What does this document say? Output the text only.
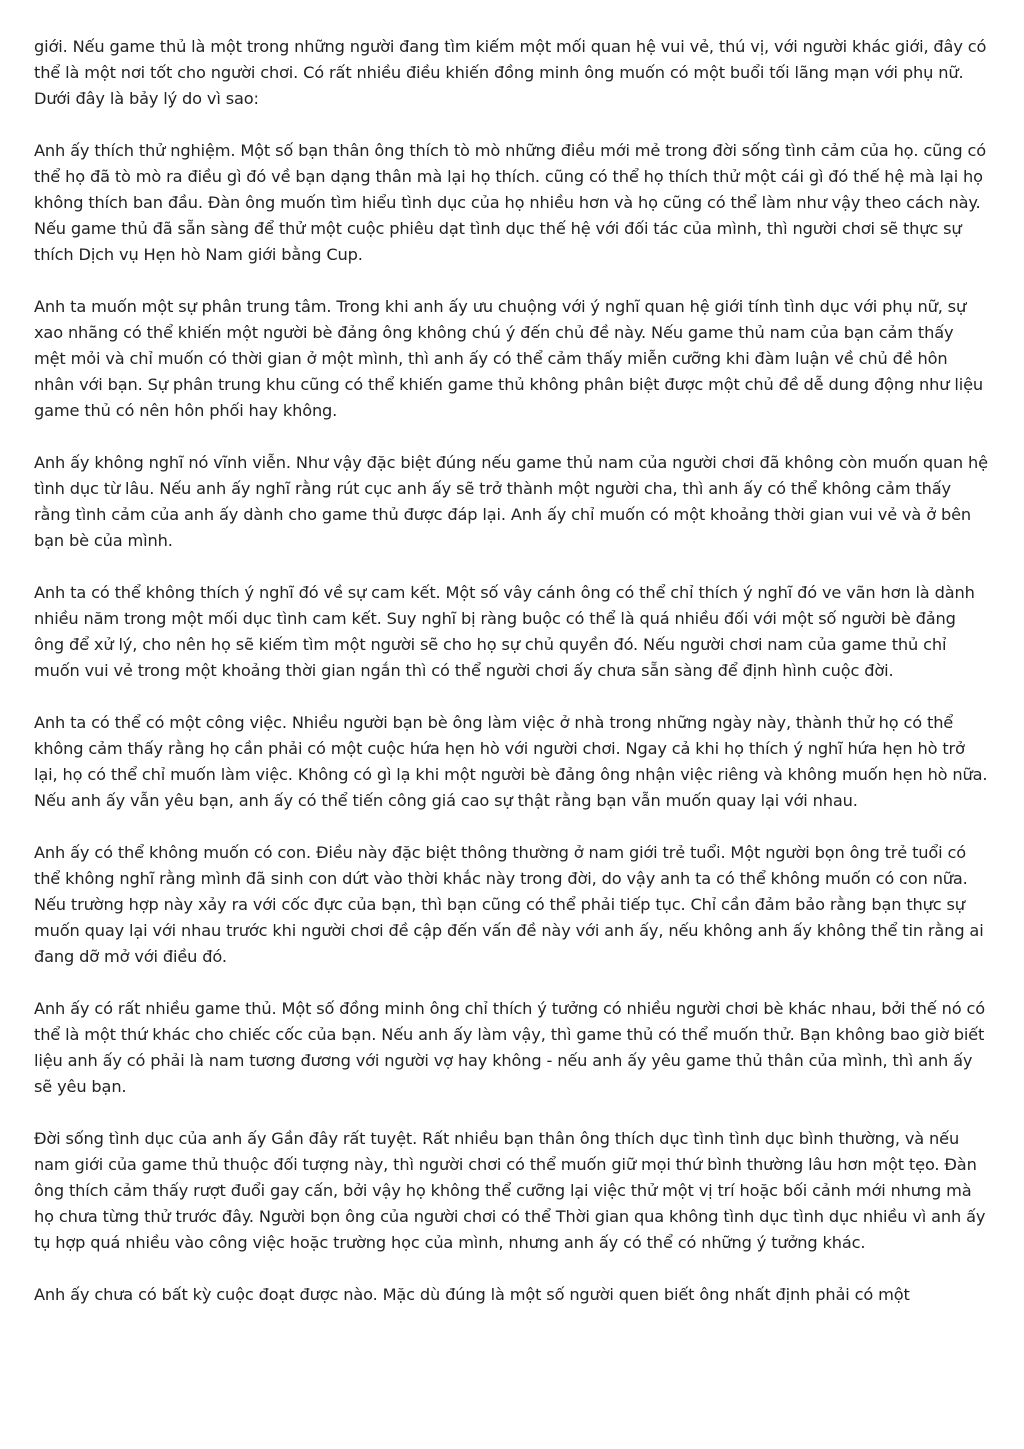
giới. Nếu game thủ là một trong những người đang tìm kiếm một mối quan hệ vui vẻ, thú vị, với người khác giới, đây có thể là một nơi tốt cho người chơi. Có rất nhiều điều khiến đồng minh ông muốn có một buổi tối lãng mạn với phụ nữ. Dưới đây là bảy lý do vì sao:

Anh ấy thích thử nghiệm. Một số bạn thân ông thích tò mò những điều mới mẻ trong đời sống tình cảm của họ. cũng có thể họ đã tò mò ra điều gì đó về bạn dạng thân mà lại họ thích. cũng có thể họ thích thử một cái gì đó thế hệ mà lại họ không thích ban đầu. Đàn ông muốn tìm hiểu tình dục của họ nhiều hơn và họ cũng có thể làm như vậy theo cách này. Nếu game thủ đã sẵn sàng để thử một cuộc phiêu dạt tình dục thế hệ với đối tác của mình, thì người chơi sẽ thực sự thích Dịch vụ Hẹn hò Nam giới bằng Cup.

Anh ta muốn một sự phân trung tâm. Trong khi anh ấy ưu chuộng với ý nghĩ quan hệ giới tính tình dục với phụ nữ, sự xao nhãng có thể khiến một người bè đảng ông không chú ý đến chủ đề này. Nếu game thủ nam của bạn cảm thấy mệt mỏi và chỉ muốn có thời gian ở một mình, thì anh ấy có thể cảm thấy miễn cưỡng khi đàm luận về chủ đề hôn nhân với bạn. Sự phân trung khu cũng có thể khiến game thủ không phân biệt được một chủ đề dễ dung động như liệu game thủ có nên hôn phối hay không.

Anh ấy không nghĩ nó vĩnh viễn. Như vậy đặc biệt đúng nếu game thủ nam của người chơi đã không còn muốn quan hệ tình dục từ lâu. Nếu anh ấy nghĩ rằng rút cục anh ấy sẽ trở thành một người cha, thì anh ấy có thể không cảm thấy rằng tình cảm của anh ấy dành cho game thủ được đáp lại. Anh ấy chỉ muốn có một khoảng thời gian vui vẻ và ở bên bạn bè của mình.

Anh ta có thể không thích ý nghĩ đó về sự cam kết. Một số vây cánh ông có thể chỉ thích ý nghĩ đó ve vãn hơn là dành nhiều năm trong một mối dục tình cam kết. Suy nghĩ bị ràng buộc có thể là quá nhiều đối với một số người bè đảng ông để xử lý, cho nên họ sẽ kiếm tìm một người sẽ cho họ sự chủ quyền đó. Nếu người chơi nam của game thủ chỉ muốn vui vẻ trong một khoảng thời gian ngắn thì có thể người chơi ấy chưa sẵn sàng để định hình cuộc đời.

Anh ta có thể có một công việc. Nhiều người bạn bè ông làm việc ở nhà trong những ngày này, thành thử họ có thể không cảm thấy rằng họ cần phải có một cuộc hứa hẹn hò với người chơi. Ngay cả khi họ thích ý nghĩ hứa hẹn hò trở lại, họ có thể chỉ muốn làm việc. Không có gì lạ khi một người bè đảng ông nhận việc riêng và không muốn hẹn hò nữa. Nếu anh ấy vẫn yêu bạn, anh ấy có thể tiến công giá cao sự thật rằng bạn vẫn muốn quay lại với nhau.

Anh ấy có thể không muốn có con. Điều này đặc biệt thông thường ở nam giới trẻ tuổi. Một người bọn ông trẻ tuổi có thể không nghĩ rằng mình đã sinh con dứt vào thời khắc này trong đời, do vậy anh ta có thể không muốn có con nữa. Nếu trường hợp này xảy ra với cốc đực của bạn, thì bạn cũng có thể phải tiếp tục. Chỉ cần đảm bảo rằng bạn thực sự muốn quay lại với nhau trước khi người chơi đề cập đến vấn đề này với anh ấy, nếu không anh ấy không thể tin rằng ai đang dỡ mở với điều đó.

Anh ấy có rất nhiều game thủ. Một số đồng minh ông chỉ thích ý tưởng có nhiều người chơi bè khác nhau, bởi thế nó có thể là một thứ khác cho chiếc cốc của bạn. Nếu anh ấy làm vậy, thì game thủ có thể muốn thử. Bạn không bao giờ biết liệu anh ấy có phải là nam tương đương với người vợ hay không - nếu anh ấy yêu game thủ thân của mình, thì anh ấy sẽ yêu bạn.

Đời sống tình dục của anh ấy Gần đây rất tuyệt. Rất nhiều bạn thân ông thích dục tình tình dục bình thường, và nếu nam giới của game thủ thuộc đối tượng này, thì người chơi có thể muốn giữ mọi thứ bình thường lâu hơn một tẹo. Đàn ông thích cảm thấy rượt đuổi gay cấn, bởi vậy họ không thể cưỡng lại việc thử một vị trí hoặc bối cảnh mới nhưng mà họ chưa từng thử trước đây. Người bọn ông của người chơi có thể Thời gian qua không tình dục tình dục nhiều vì anh ấy tụ hợp quá nhiều vào công việc hoặc trường học của mình, nhưng anh ấy có thể có những ý tưởng khác.

Anh ấy chưa có bất kỳ cuộc đoạt được nào. Mặc dù đúng là một số người quen biết ông nhất định phải có một
